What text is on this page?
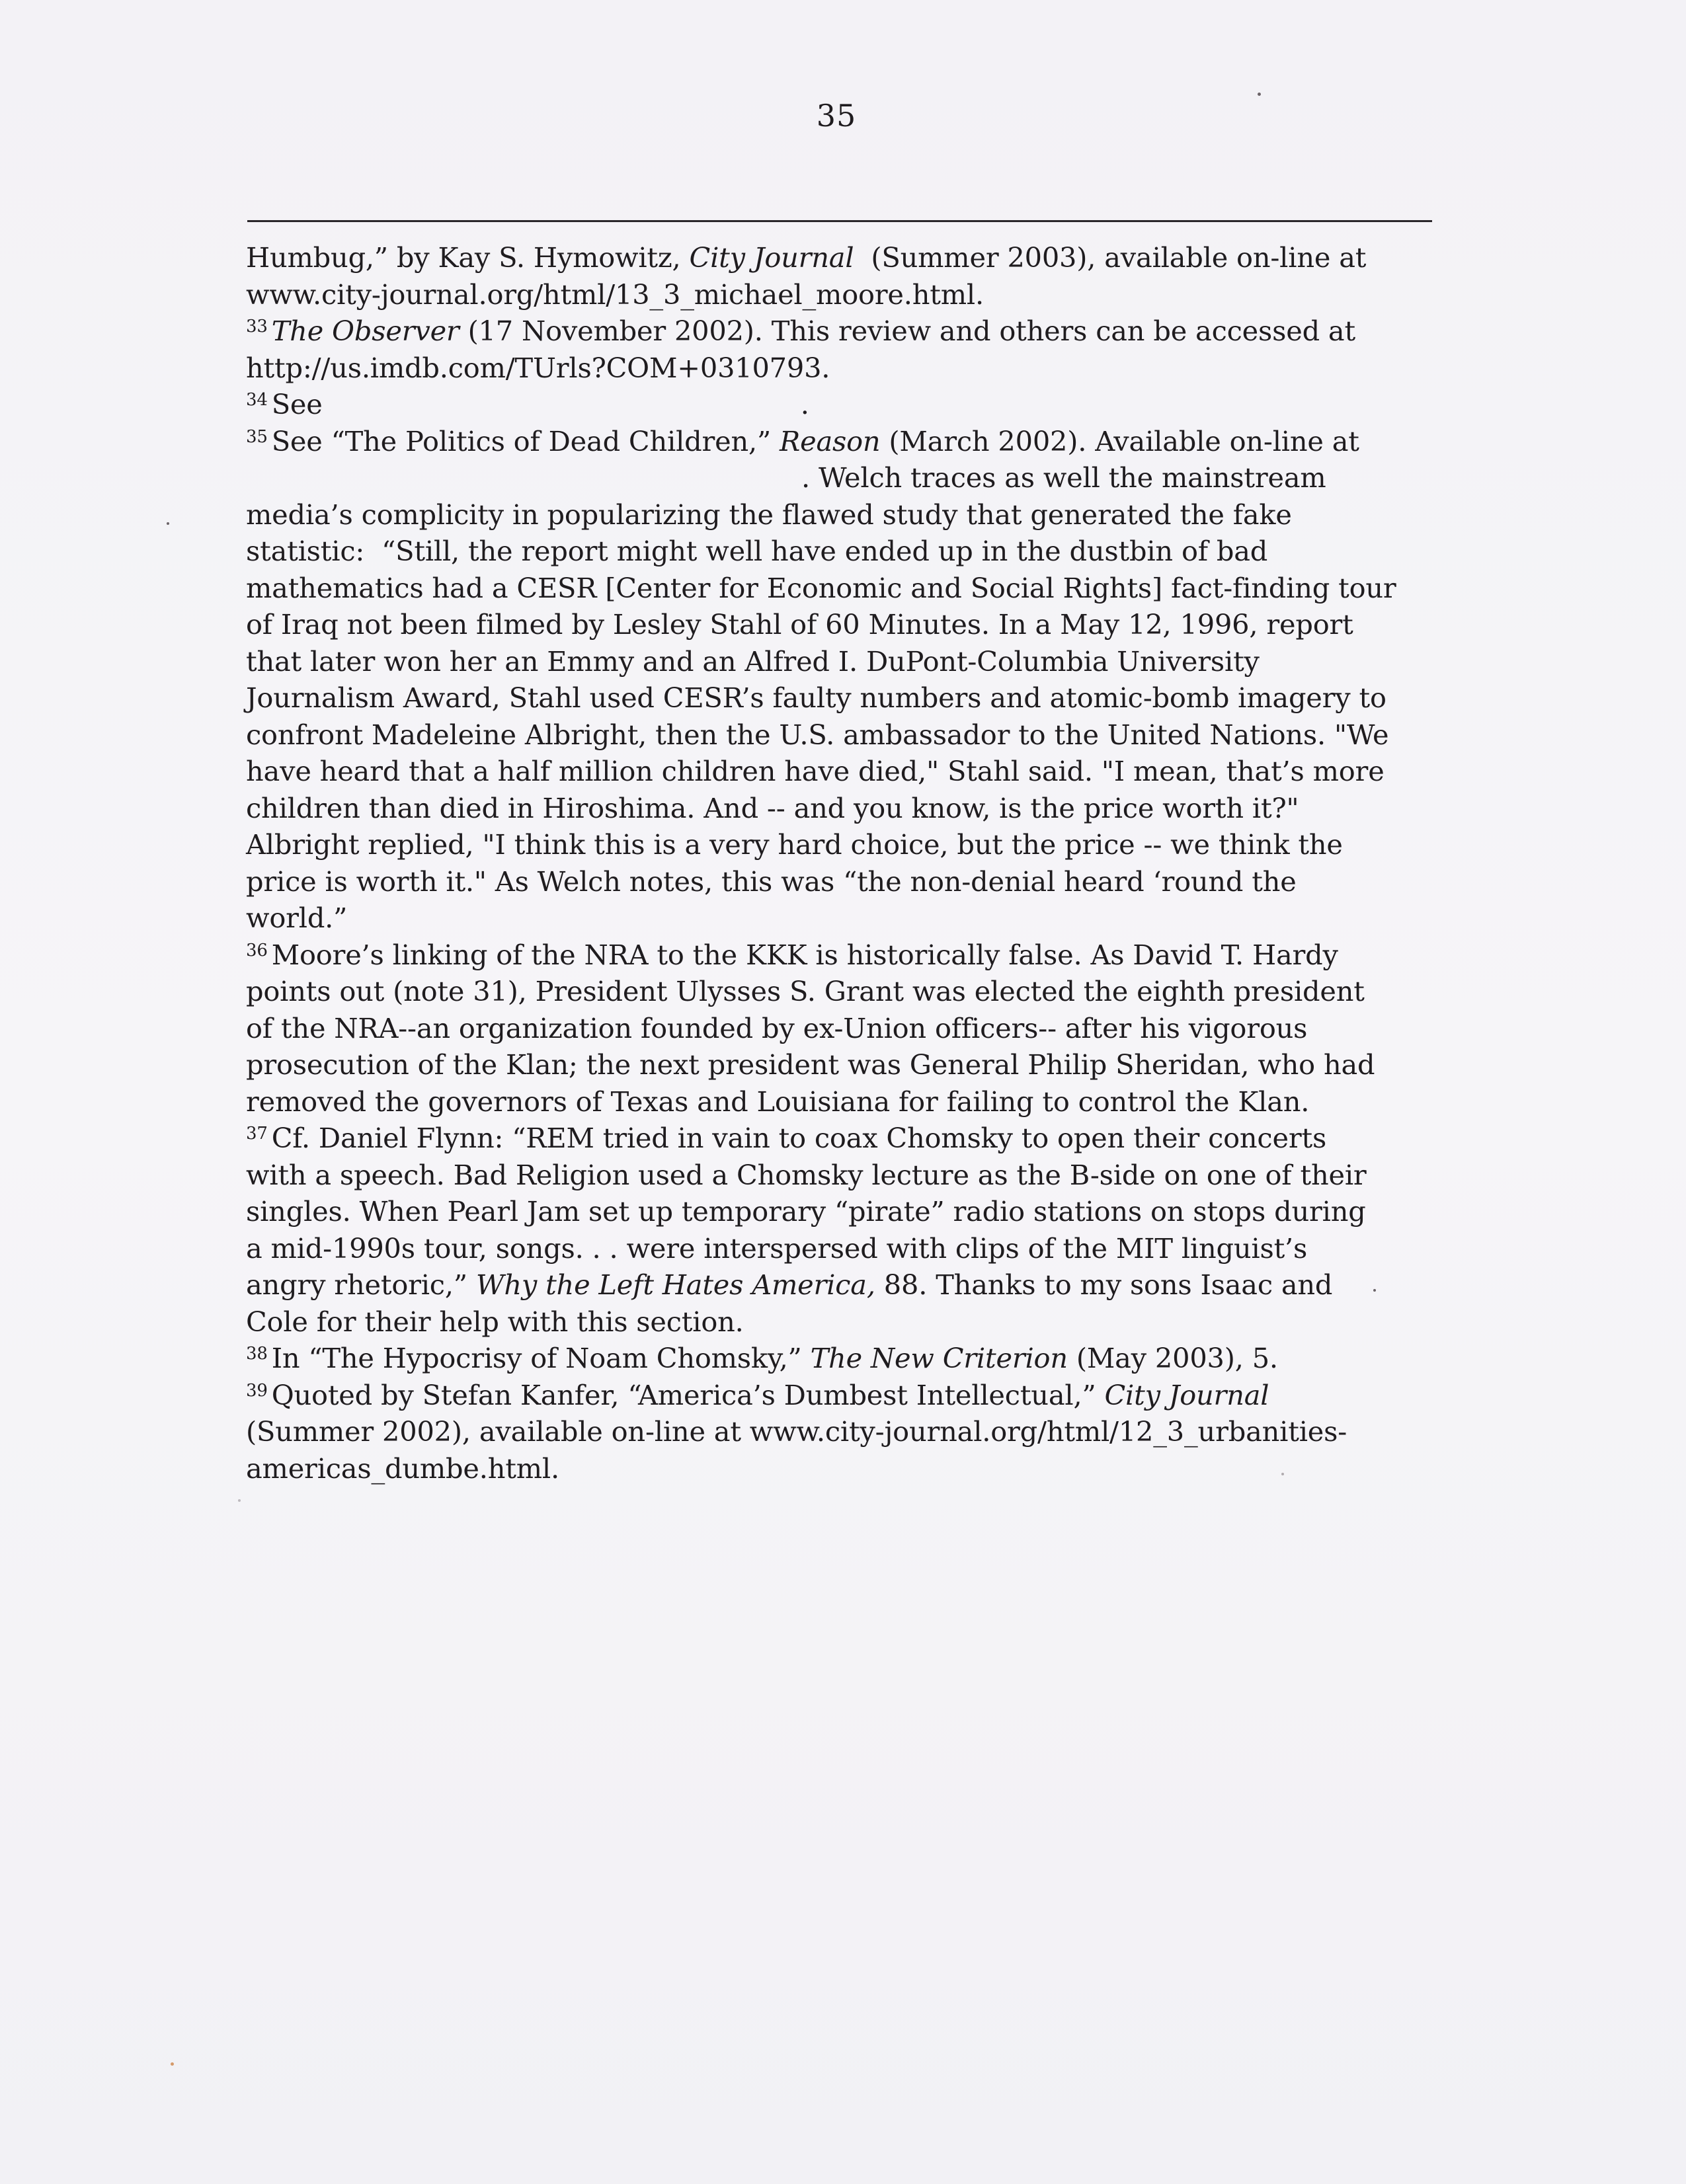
35
Humbug,” by Kay S. Hymowitz, City Journal  (Summer 2003), available on-line at
www.city-journal.org/html/13_3_michael_moore.html.
$^{33}$ The Observer (17 November 2002). This review and others can be accessed at
http://us.imdb.com/TUrls?COM+0310793.
$^{34}$ See	.
$^{35}$ See “The Politics of Dead Children,” Reason (March 2002). Available on-line at
. Welch traces as well the mainstream
media’s complicity in popularizing the flawed study that generated the fake
statistic:  “Still, the report might well have ended up in the dustbin of bad
mathematics had a CESR [Center for Economic and Social Rights] fact-finding tour
of Iraq not been filmed by Lesley Stahl of 60 Minutes. In a May 12, 1996, report
that later won her an Emmy and an Alfred I. DuPont-Columbia University
Journalism Award, Stahl used CESR’s faulty numbers and atomic-bomb imagery to
confront Madeleine Albright, then the U.S. ambassador to the United Nations. "We
have heard that a half million children have died," Stahl said. "I mean, that’s more
children than died in Hiroshima. And -- and you know, is the price worth it?"
Albright replied, "I think this is a very hard choice, but the price -- we think the
price is worth it." As Welch notes, this was “the non-denial heard ‘round the
world.”
$^{36}$ Moore’s linking of the NRA to the KKK is historically false. As David T. Hardy
points out (note 31), President Ulysses S. Grant was elected the eighth president
of the NRA--an organization founded by ex-Union officers-- after his vigorous
prosecution of the Klan; the next president was General Philip Sheridan, who had
removed the governors of Texas and Louisiana for failing to control the Klan.
$^{37}$ Cf. Daniel Flynn: “REM tried in vain to coax Chomsky to open their concerts
with a speech. Bad Religion used a Chomsky lecture as the B-side on one of their
singles. When Pearl Jam set up temporary “pirate” radio stations on stops during
a mid-1990s tour, songs. . . were interspersed with clips of the MIT linguist’s
angry rhetoric,” Why the Left Hates America, 88. Thanks to my sons Isaac and
Cole for their help with this section.
$^{38}$ In “The Hypocrisy of Noam Chomsky,” The New Criterion (May 2003), 5.
$^{39}$ Quoted by Stefan Kanfer, “America’s Dumbest Intellectual,” City Journal
(Summer 2002), available on-line at www.city-journal.org/html/12_3_urbanities-
americas_dumbe.html.
